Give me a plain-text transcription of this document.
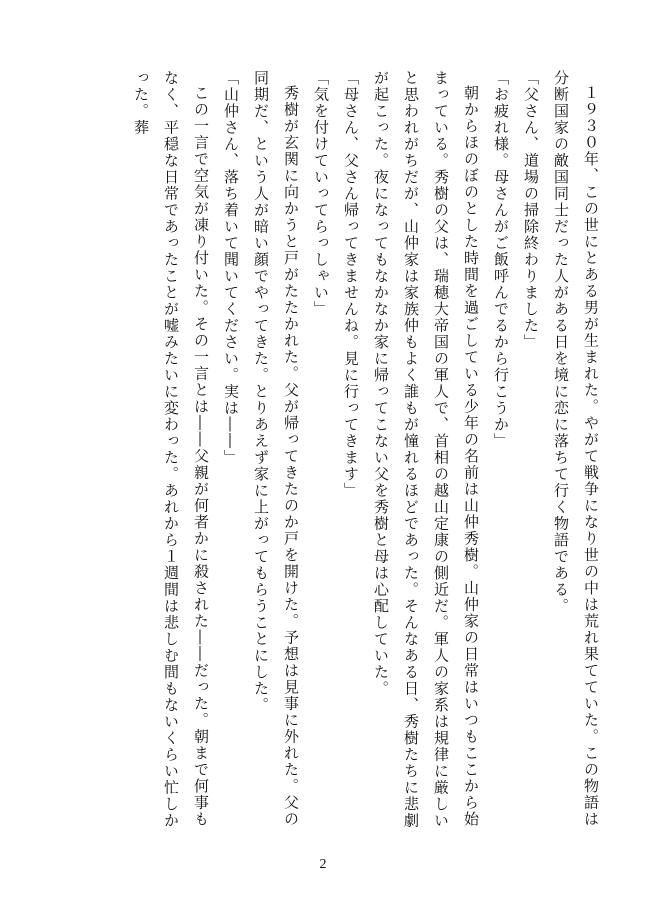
１９３０年、この世にとある男が生まれた。やがて戦争になり世の中は荒れ果てていた。この物語は分断国家の敵国同士だった人がある日を境に恋に落ちて行く物語である。

「父さん、道場の掃除終わりました」

「お疲れ様。母さんがご飯呼んでるから行こうか」

朝からほのぼのとした時間を過ごしている少年の名前は山仲秀樹。山仲家の日常はいつもここから始まっている。秀樹の父は、瑞穂大帝国の軍人で、首相の越山定康の側近だ。軍人の家系は規律に厳しいと思われがちだが、山仲家は家族仲もよく誰もが憧れるほどであった。そんなある日、秀樹たちに悲劇が起こった。夜になってもなかなか家に帰ってこない父を秀樹と母は心配していた。

「母さん、父さん帰ってきませんね。見に行ってきます」

「気を付けていってらっしゃい」

秀樹が玄関に向かうと戸がたたかれた。父が帰ってきたのか戸を開けた。予想は見事に外れた。父の同期だ、という人が暗い顔でやってきた。とりあえず家に上がってもらうことにした。

「山仲さん、落ち着いて聞いてください。実は――」

この一言で空気が凍り付いた。その一言とは――父親が何者かに殺された――だった。朝まで何事もなく、平穏な日常であったことが嘘みたいに変わった。あれから１週間は悲しむ間もないくらい忙しかった。葬

2
